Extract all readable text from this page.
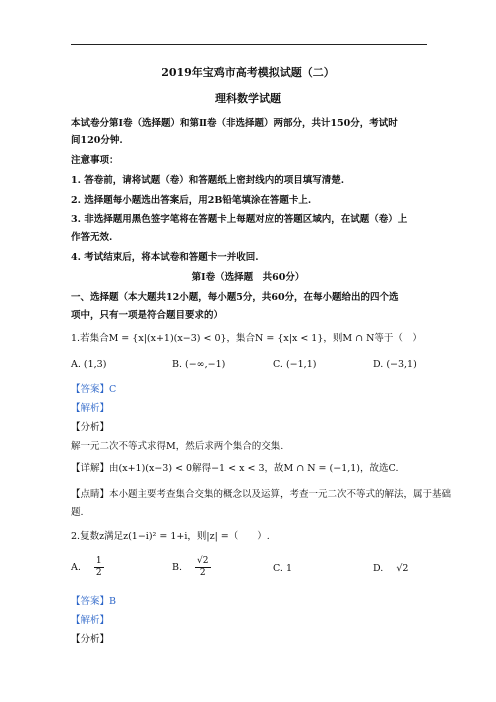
2019年宝鸡市高考模拟试题（二）
理科数学试题
本试卷分第Ⅰ卷（选择题）和第Ⅱ卷（非选择题）两部分，共计150分，考试时
间120分钟.
注意事项：
1. 答卷前，请将试题（卷）和答题纸上密封线内的项目填写清楚.
2. 选择题每小题选出答案后，用2B铅笔填涂在答题卡上.
3. 非选择题用黑色签字笔将在答题卡上每题对应的答题区域内，在试题（卷）上
作答无效.
4. 考试结束后，将本试卷和答题卡一并收回.
第Ⅰ卷（选择题　共60分）
一、选择题（本大题共12小题，每小题5分，共60分，在每小题给出的四个选
项中，只有一项是符合题目要求的）
1.若集合M = {x|(x+1)(x−3) < 0}，集合N = {x|x < 1}，则M ∩ N等于（　）
A. (1,3)	B. (−∞,−1)	C. (−1,1)	D. (−3,1)
【答案】C
【解析】
【分析】
解一元二次不等式求得M，然后求两个集合的交集.
【详解】由(x+1)(x−3) < 0解得−1 < x < 3，故M ∩ N = (−1,1)，故选C.
【点睛】本小题主要考查集合交集的概念以及运算，考查一元二次不等式的解法，属于基础
题.
2.复数z满足z(1−i)² = 1+i，则|z| =（　　）.
A. $\frac{1}{2}$	B. $\frac{√2}{2}$	C. 1	D. √2
【答案】B
【解析】
【分析】
